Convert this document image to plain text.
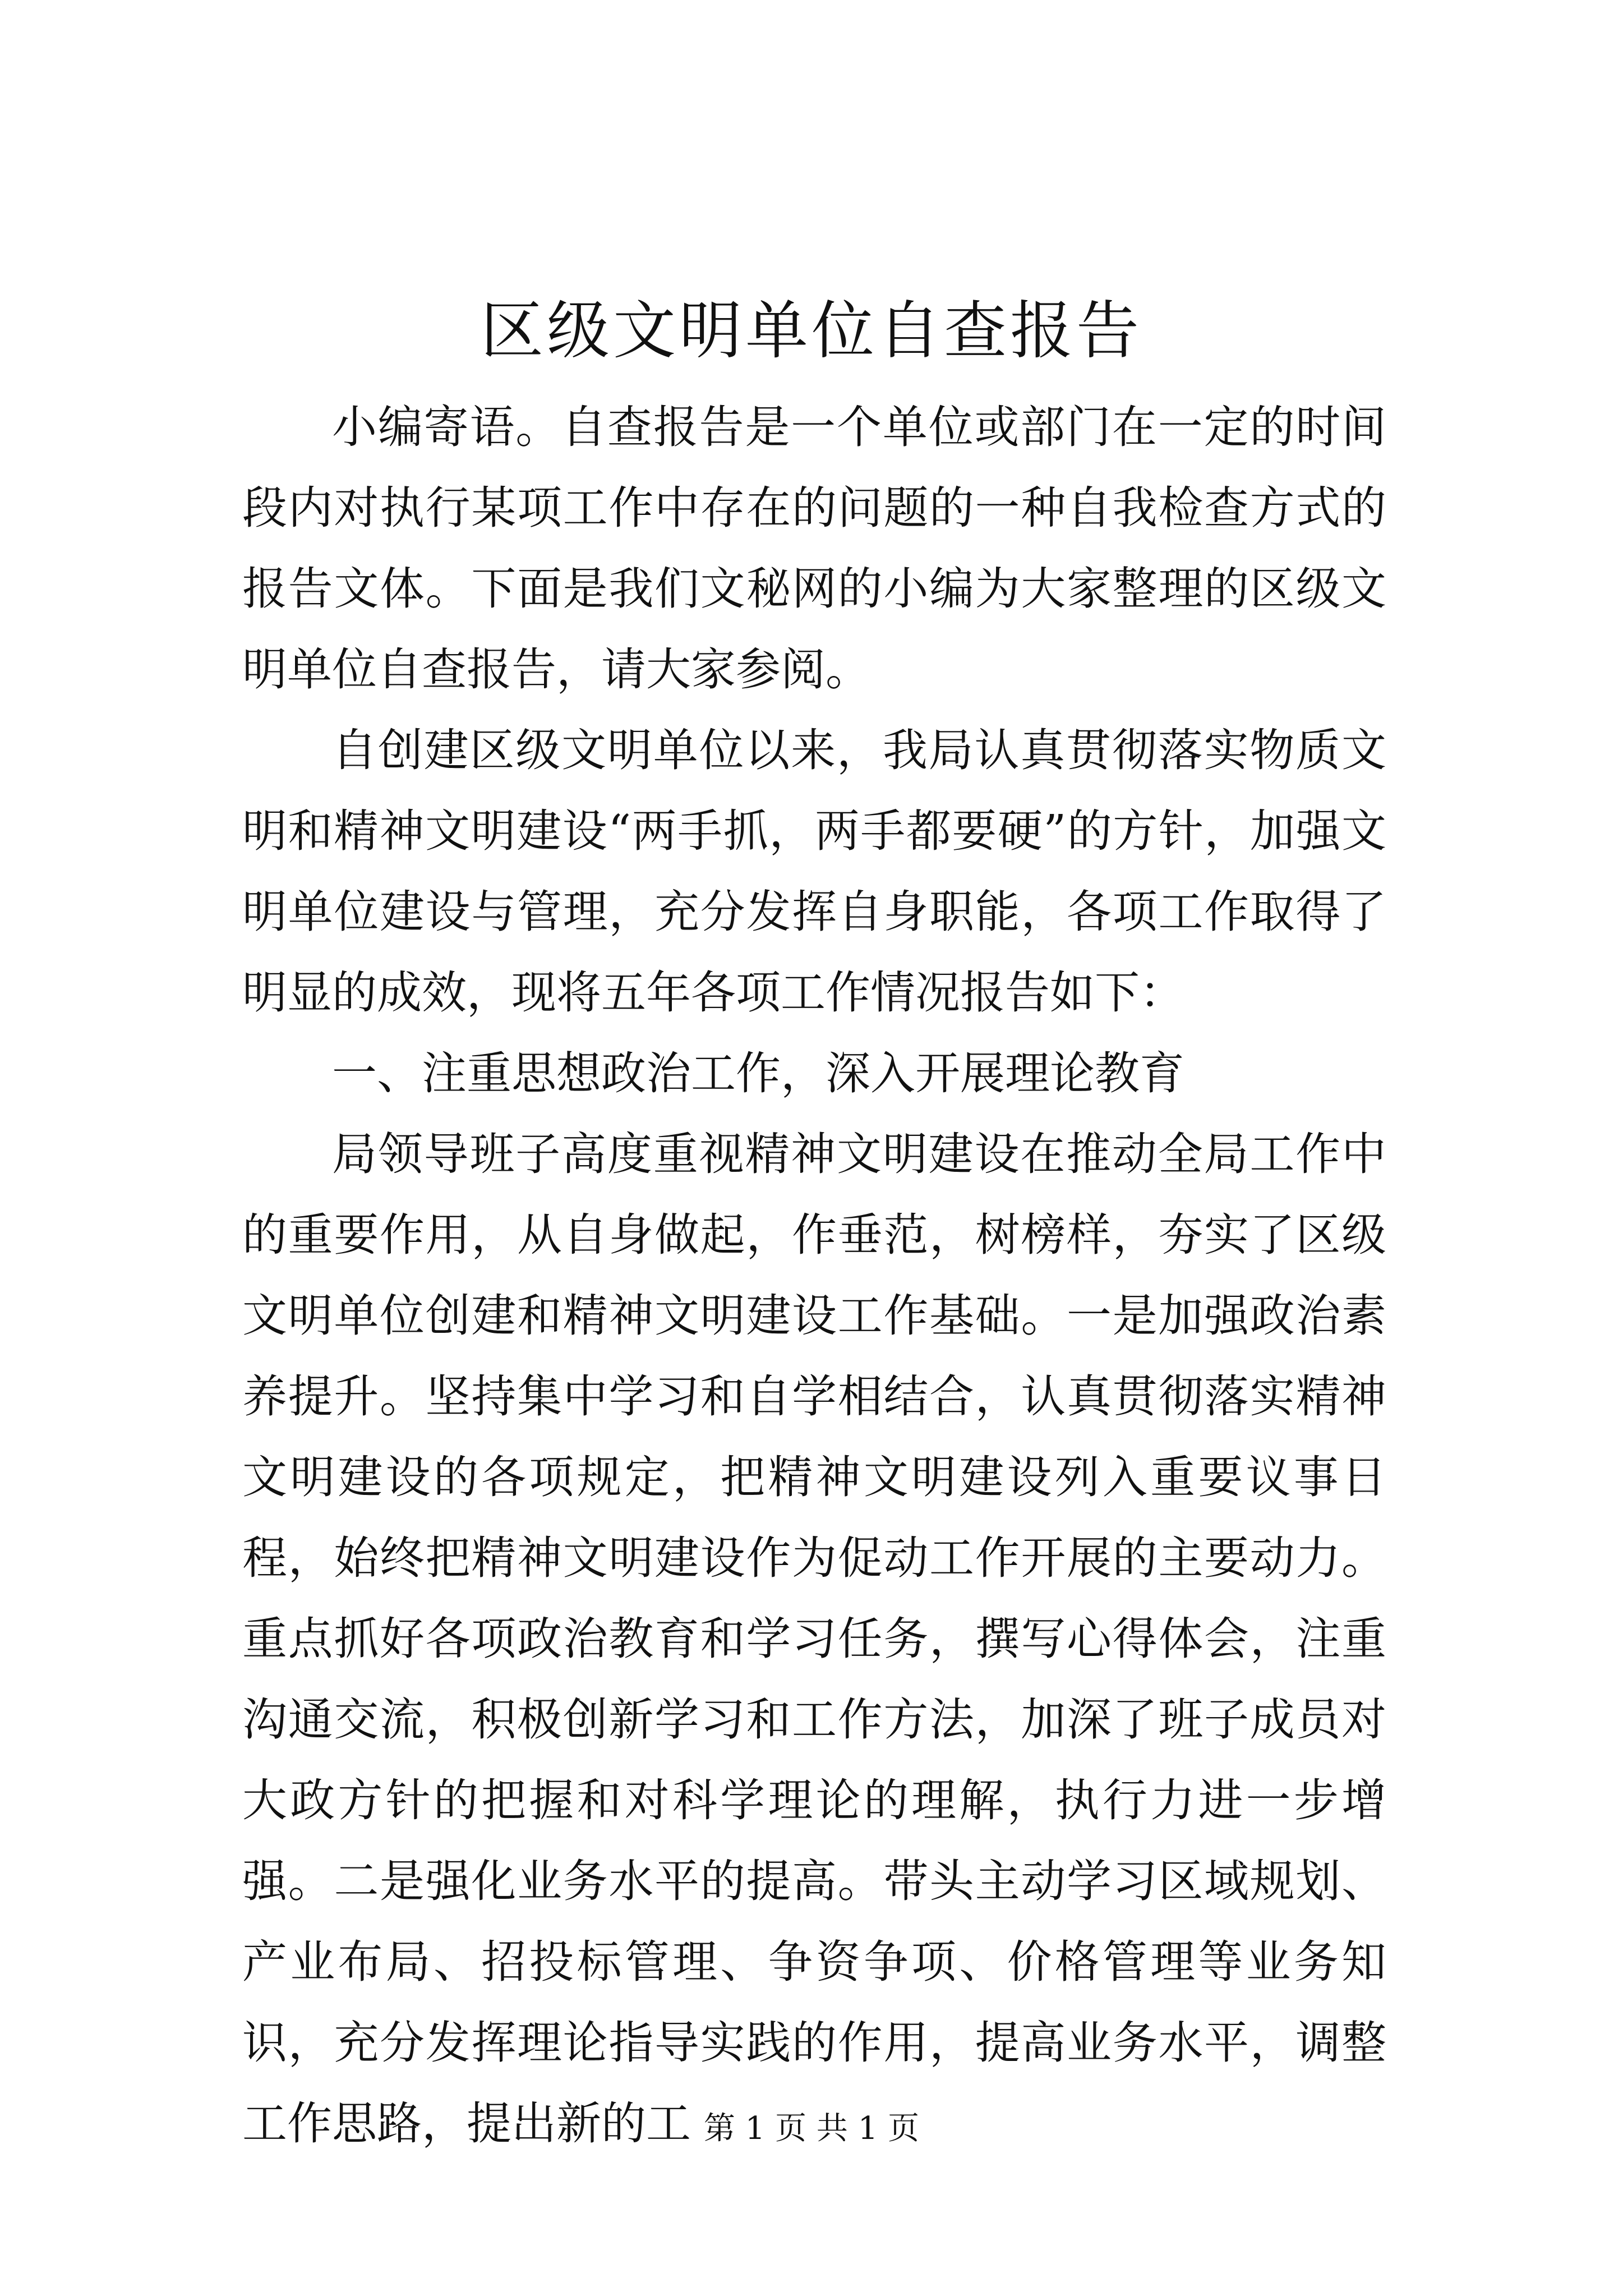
区级文明单位自查报告

小编寄语。自查报告是一个单位或部门在一定的时间段内对执行某项工作中存在的问题的一种自我检查方式的报告文体。下面是我们文秘网的小编为大家整理的区级文明单位自查报告，请大家参阅。

自创建区级文明单位以来，我局认真贯彻落实物质文明和精神文明建设“两手抓，两手都要硬”的方针，加强文明单位建设与管理，充分发挥自身职能，各项工作取得了明显的成效，现将五年各项工作情况报告如下：

一、注重思想政治工作，深入开展理论教育

局领导班子高度重视精神文明建设在推动全局工作中的重要作用，从自身做起，作垂范，树榜样，夯实了区级文明单位创建和精神文明建设工作基础。一是加强政治素养提升。坚持集中学习和自学相结合，认真贯彻落实精神文明建设的各项规定，把精神文明建设列入重要议事日程，始终把精神文明建设作为促动工作开展的主要动力。重点抓好各项政治教育和学习任务，撰写心得体会，注重沟通交流，积极创新学习和工作方法，加深了班子成员对大政方针的把握和对科学理论的理解，执行力进一步增强。二是强化业务水平的提高。带头主动学习区域规划、产业布局、招投标管理、争资争项、价格管理等业务知识，充分发挥理论指导实践的作用，提高业务水平，调整工作思路，提出新的工 第 1 页 共 1 页
